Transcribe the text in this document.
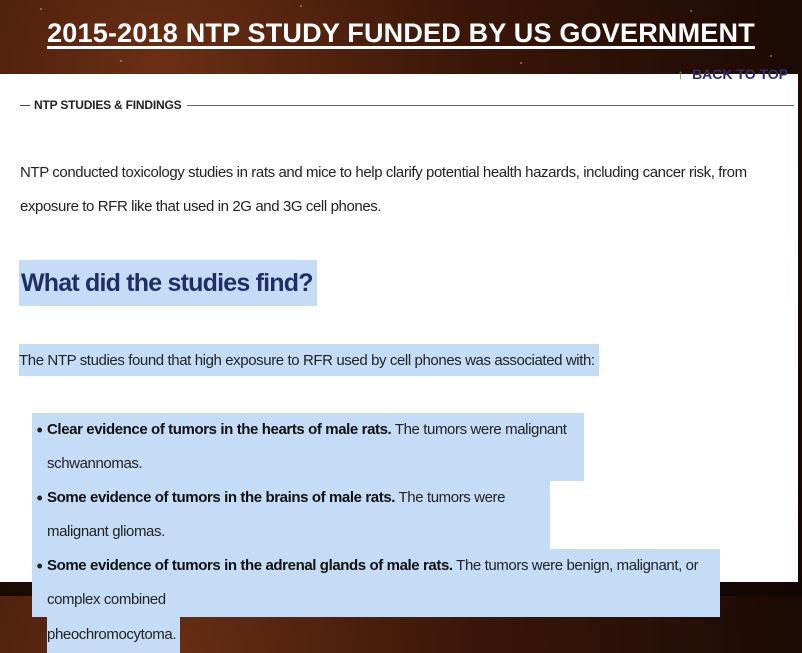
2015-2018 NTP STUDY FUNDED BY US GOVERNMENT
↑ BACK TO TOP
NTP STUDIES & FINDINGS
NTP conducted toxicology studies in rats and mice to help clarify potential health hazards, including cancer risk, from exposure to RFR like that used in 2G and 3G cell phones.
What did the studies find?
The NTP studies found that high exposure to RFR used by cell phones was associated with:
• Clear evidence of tumors in the hearts of male rats. The tumors were malignant schwannomas.
• Some evidence of tumors in the brains of male rats. The tumors were malignant gliomas.
• Some evidence of tumors in the adrenal glands of male rats. The tumors were benign, malignant, or complex combined
pheochromocytoma.
